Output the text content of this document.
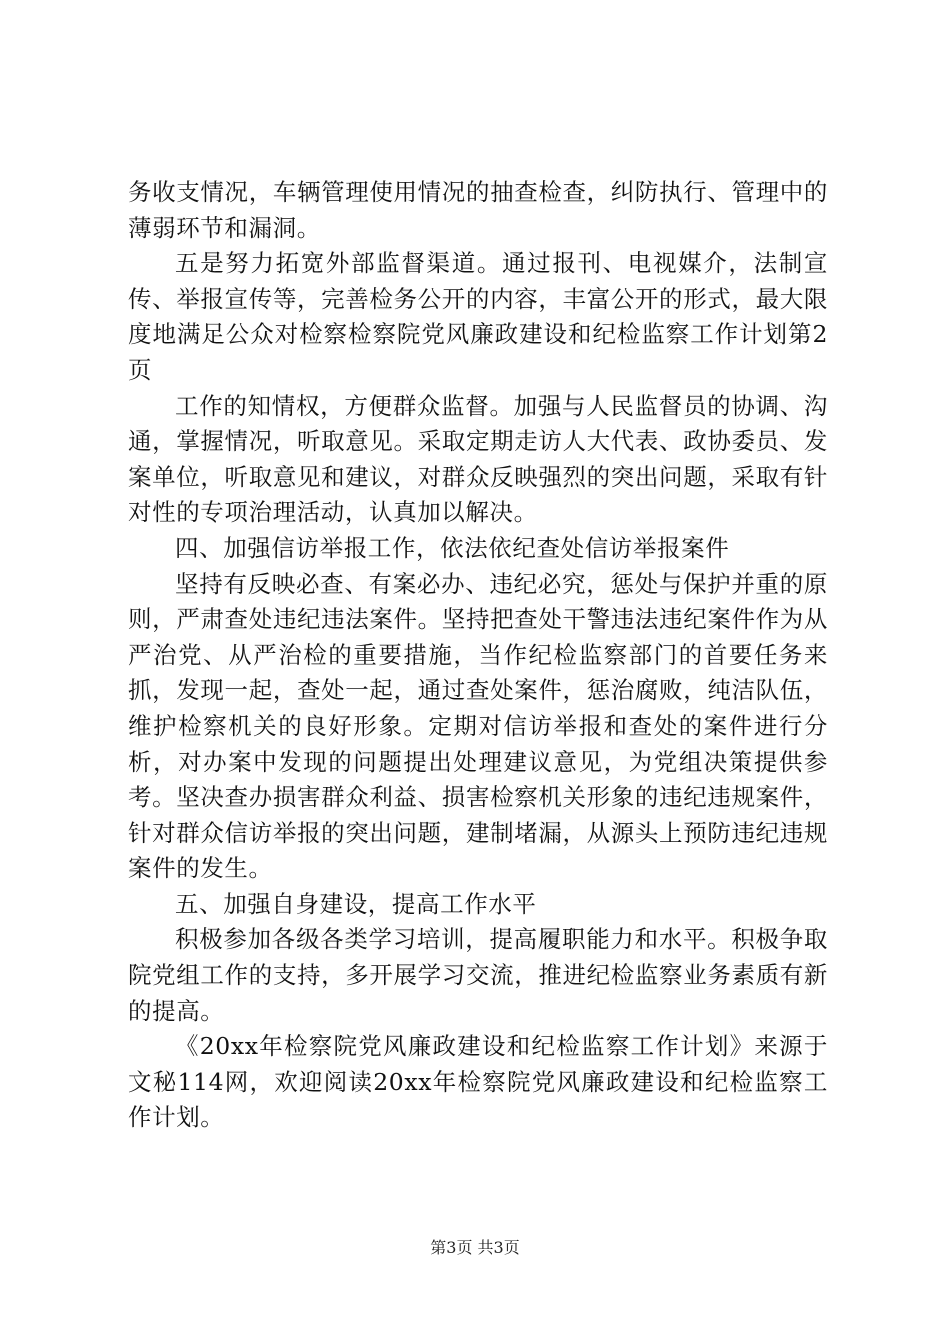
务收支情况，车辆管理使用情况的抽查检查，纠防执行、管理中的薄弱环节和漏洞。

五是努力拓宽外部监督渠道。通过报刊、电视媒介，法制宣传、举报宣传等，完善检务公开的内容，丰富公开的形式，最大限度地满足公众对检察检察院党风廉政建设和纪检监察工作计划第2页

工作的知情权，方便群众监督。加强与人民监督员的协调、沟通，掌握情况，听取意见。采取定期走访人大代表、政协委员、发案单位，听取意见和建议，对群众反映强烈的突出问题，采取有针对性的专项治理活动，认真加以解决。

四、加强信访举报工作，依法依纪查处信访举报案件

坚持有反映必查、有案必办、违纪必究，惩处与保护并重的原则，严肃查处违纪违法案件。坚持把查处干警违法违纪案件作为从严治党、从严治检的重要措施，当作纪检监察部门的首要任务来抓，发现一起，查处一起，通过查处案件，惩治腐败，纯洁队伍，维护检察机关的良好形象。定期对信访举报和查处的案件进行分析，对办案中发现的问题提出处理建议意见，为党组决策提供参考。坚决查办损害群众利益、损害检察机关形象的违纪违规案件，针对群众信访举报的突出问题，建制堵漏，从源头上预防违纪违规案件的发生。

五、加强自身建设，提高工作水平

积极参加各级各类学习培训，提高履职能力和水平。积极争取院党组工作的支持，多开展学习交流，推进纪检监察业务素质有新的提高。

《20xx年检察院党风廉政建设和纪检监察工作计划》来源于文秘114网，欢迎阅读20xx年检察院党风廉政建设和纪检监察工作计划。

第3页 共3页
